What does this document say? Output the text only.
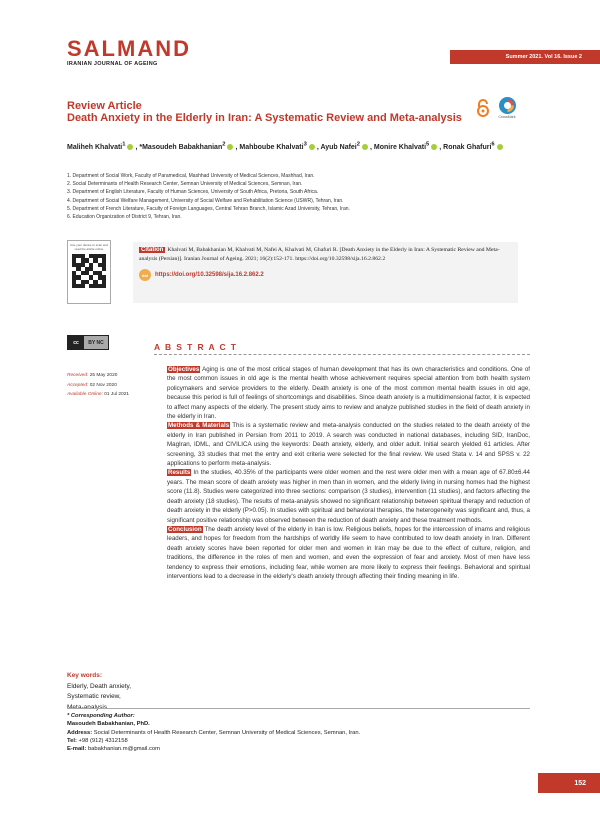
SALMAND
IRANIAN JOURNAL OF AGEING
Summer 2021. Vol 16. Issue 2
Review Article
Death Anxiety in the Elderly in Iran: A Systematic Review and Meta-analysis	CrossMark
Maliheh Khalvati$^1$ , *Masoudeh Babakhanian$^2$ , Mahboube Khalvati$^3$ , Ayub Nafei$^2$ , Monire Khalvati$^5$ , Ronak Ghafuri$^6$
1. Department of Social Work, Faculty of Paramedical, Mashhad University of Medical Sciences, Mashhad, Iran.
2. Social Determinants of Health Research Center, Semnan University of Medical Sciences, Semnan, Iran.
3. Department of English Literature, Faculty of Human Sciences, University of South Africa, Pretoria, South Africa.
4. Department of Social Welfare Management, University of Social Welfare and Rehabilitation Science (USWR), Tehran, Iran.
5. Department of French Literature, Faculty of Foreign Languages, Central Tehran Branch, Islamic Azad University, Tehran, Iran.
6. Education Organization of District 9, Tehran, Iran.
Use your device to scan and read the article online	Citation Khalvati M, Babakhanian M, Khalvati M, Nafei A, Khalvati M, Ghafuri R. [Death Anxiety in the Elderly in Iran: A Systematic Review and Meta-analysis (Persian)]. Iranian Journal of Ageing. 2021; 16(2):152-171. https://doi.org/10.32598/sija.16.2.862.2
doi	https://doi.org/10.32598/sija.16.2.862.2
cc	BY NC
Received: 25 May 2020
Accepted: 02 Nov 2020
Available Online: 01 Jul 2021
A B S T R A C T

Objectives Aging is one of the most critical stages of human development that has its own characteristics and conditions. One of the most common issues in old age is the mental health whose achievement requires special attention from both health system policymakers and service providers to the elderly. Death anxiety is one of the most common mental health issues in old age, because this period is full of feelings of shortcomings and disabilities. Since death anxiety is a multidimensional factor, it is expected to affect many aspects of the elderly. The present study aims to review and analyze published studies in the field of death anxiety in the elderly in Iran.

Methods & Materials This is a systematic review and meta-analysis conducted on the studies related to the death anxiety of the elderly in Iran published in Persian from 2011 to 2019. A search was conducted in national databases, including SID, IranDoc, MagIran, IDML, and CIVILICA using the keywords: Death anxiety, elderly, and older adult. Initial search yielded 61 articles. After screening, 33 studies that met the entry and exit criteria were selected for the final review. We used Stata v. 14 and SPSS v. 22 applications to perform meta-analysis.

Results In the studies, 40.35% of the participants were older women and the rest were older men with a mean age of 67.80±6.44 years. The mean score of death anxiety was higher in men than in women, and the elderly living in nursing homes had the highest score (11.8). Studies were categorized into three sections: comparison (3 studies), intervention (11 studies), and factors affecting the death anxiety (18 studies). The results of meta-analysis showed no significant relationship between spiritual therapy and reduction of death anxiety in the elderly (P>0.05). In studies with spiritual and behavioral therapies, the heterogeneity was significant and, thus, a significant positive relationship was observed between the reduction of death anxiety and these treatment methods.

Conclusion The death anxiety level of the elderly in Iran is low. Religious beliefs, hopes for the intercession of imams and religious leaders, and hopes for freedom from the hardships of worldly life seem to have contributed to low death anxiety in Iran. Different death anxiety scores have been reported for older men and women in Iran may be due to the effect of culture, religion, and traditions, the difference in the roles of men and women, and even the expression of fear and anxiety. Most of men have less tendency to express their emotions, including fear, while women are more likely to express their feelings. Behavioral and spiritual interventions lead to a decrease in the elderly's death anxiety through affecting their finding meaning in life.

Key words:
Elderly, Death anxiety,
Systematic review,
Meta-analysis
* Corresponding Author:
Masoudeh Babakhanian, PhD.
Address: Social Determinants of Health Research Center, Semnan University of Medical Sciences, Semnan, Iran.
Tel: +98 (912) 4312158
E-mail: babakhanian.m@gmail.com
152
